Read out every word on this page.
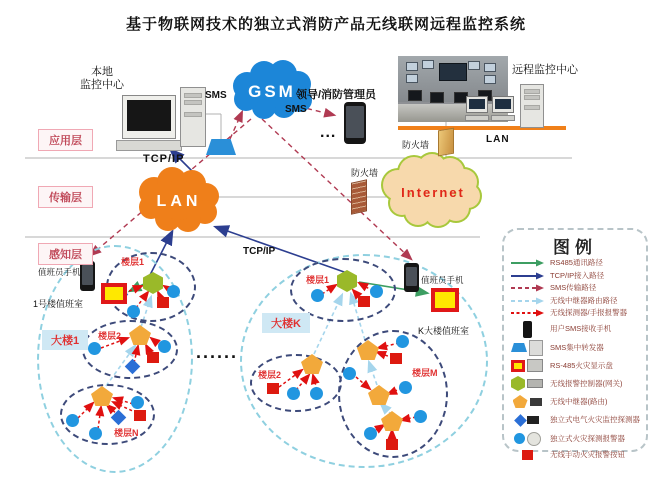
GSM
LAN
Internet
基于物联网技术的独立式消防产品无线联网远程监控系统
应用层
传输层
感知层
本地
监控中心
TCP/IP
SMS
SMS
领导/消防管理员
...
远程监控中心
LAN
防火墙
防火墙
大楼1
值班员手机
1号楼值班室
楼层1
楼层2
楼层N
......
大楼K
TCP/IP
楼层1	值班员手机
K大楼值班室
楼层2	楼层M
图例
RS485通讯路径
TCP/IP接入路径
SMS传输路径
无线中继器路由路径
无线探测器/手报报警器
用户SMS接收手机
SMS集中转发器
RS-485火灾显示盘
无线报警控制器(网关)
无线中继器(路由)
独立式电气火灾监控探测器
独立式火灾探测报警器
无线手动火灾报警按钮
